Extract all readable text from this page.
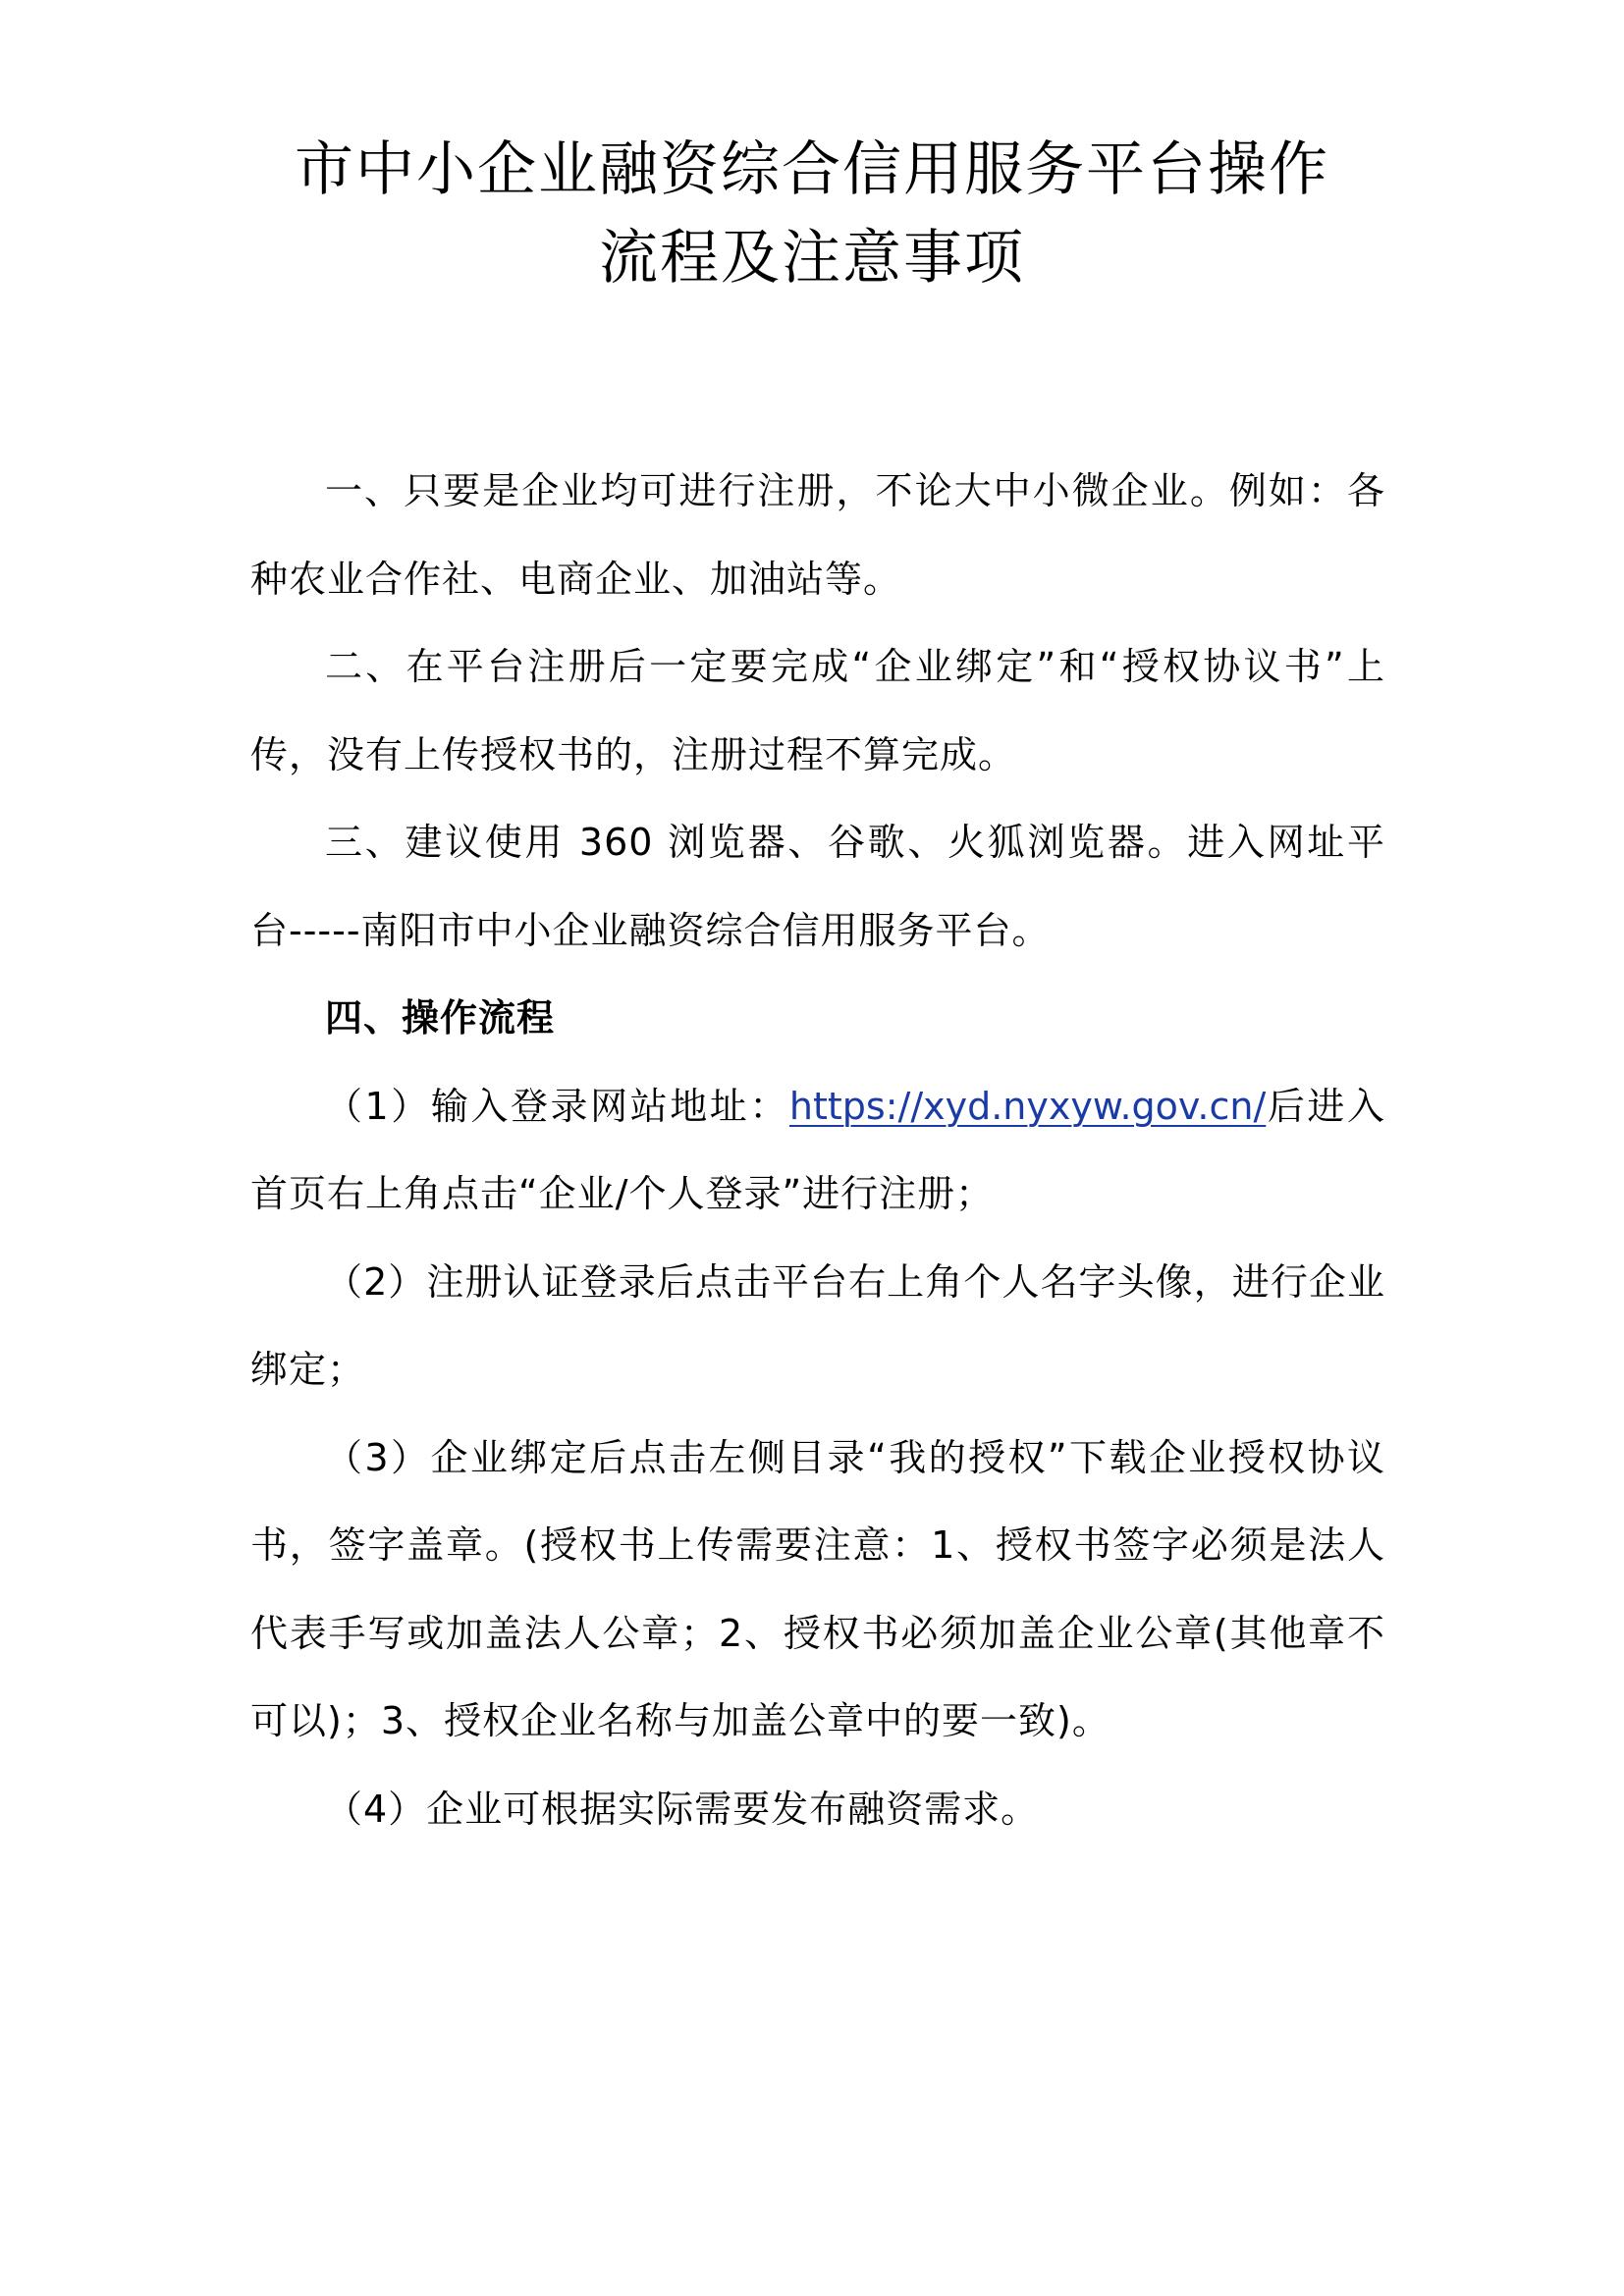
市中小企业融资综合信用服务平台操作
流程及注意事项

一、只要是企业均可进行注册，不论大中小微企业。例如：各种农业合作社、电商企业、加油站等。

二、在平台注册后一定要完成“企业绑定”和“授权协议书”上传，没有上传授权书的，注册过程不算完成。

三、建议使用 360 浏览器、谷歌、火狐浏览器。进入网址平台-----南阳市中小企业融资综合信用服务平台。

四、操作流程

（1）输入登录网站地址：https://xyd.nyxyw.gov.cn/后进入首页右上角点击“企业/个人登录”进行注册；

（2）注册认证登录后点击平台右上角个人名字头像，进行企业绑定；

（3）企业绑定后点击左侧目录“我的授权”下载企业授权协议书，签字盖章。(授权书上传需要注意：1、授权书签字必须是法人代表手写或加盖法人公章；2、授权书必须加盖企业公章(其他章不可以)；3、授权企业名称与加盖公章中的要一致)。

（4）企业可根据实际需要发布融资需求。
